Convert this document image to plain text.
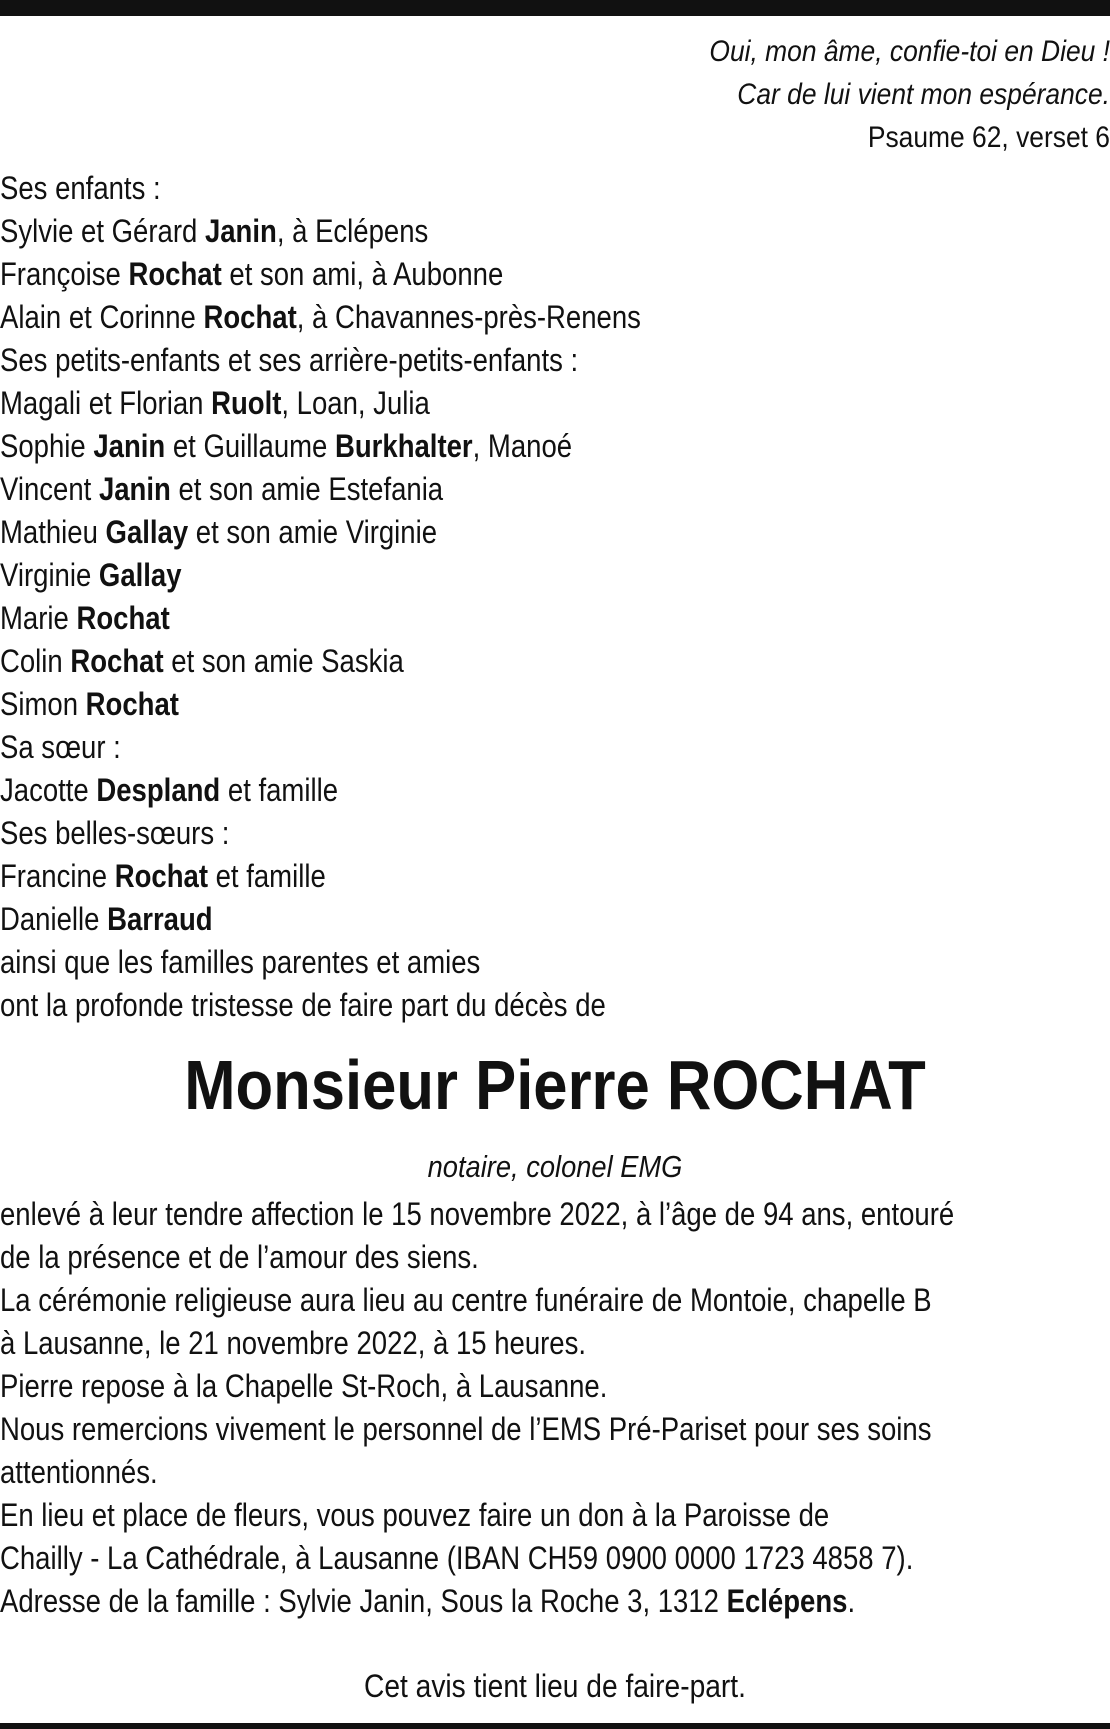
Oui, mon âme, confie-toi en Dieu !
Car de lui vient mon espérance.
Psaume 62, verset 6
Ses enfants :
Sylvie et Gérard Janin, à Eclépens
Françoise Rochat et son ami, à Aubonne
Alain et Corinne Rochat, à Chavannes-près-Renens
Ses petits-enfants et ses arrière-petits-enfants :
Magali et Florian Ruolt, Loan, Julia
Sophie Janin et Guillaume Burkhalter, Manoé
Vincent Janin et son amie Estefania
Mathieu Gallay et son amie Virginie
Virginie Gallay
Marie Rochat
Colin Rochat et son amie Saskia
Simon Rochat
Sa sœur :
Jacotte Despland et famille
Ses belles-sœurs :
Francine Rochat et famille
Danielle Barraud
ainsi que les familles parentes et amies
ont la profonde tristesse de faire part du décès de
Monsieur Pierre ROCHAT
notaire, colonel EMG
enlevé à leur tendre affection le 15 novembre 2022, à l’âge de 94 ans, entouré
de la présence et de l’amour des siens.
La cérémonie religieuse aura lieu au centre funéraire de Montoie, chapelle B
à Lausanne, le 21 novembre 2022, à 15 heures.
Pierre repose à la Chapelle St-Roch, à Lausanne.
Nous remercions vivement le personnel de l’EMS Pré-Pariset pour ses soins
attentionnés.
En lieu et place de fleurs, vous pouvez faire un don à la Paroisse de
Chailly - La Cathédrale, à Lausanne (IBAN CH59 0900 0000 1723 4858 7).
Adresse de la famille : Sylvie Janin, Sous la Roche 3, 1312 Eclépens.
Cet avis tient lieu de faire-part.
